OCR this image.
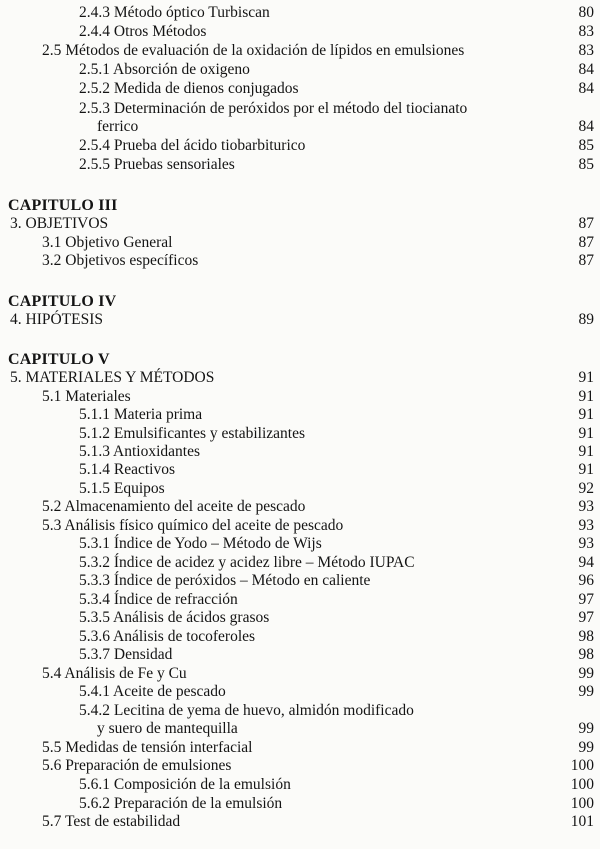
2.4.3 Método óptico Turbiscan	80
2.4.4 Otros Métodos	83
2.5 Métodos de evaluación de la oxidación de lípidos en emulsiones	83
2.5.1 Absorción de oxigeno	84
2.5.2 Medida de dienos conjugados	84
2.5.3 Determinación de peróxidos por el método del tiocianato
ferrico	84
2.5.4 Prueba del ácido tiobarbiturico	85
2.5.5 Pruebas sensoriales	85
CAPITULO III
3. OBJETIVOS	87
3.1 Objetivo General	87
3.2 Objetivos específicos	87
CAPITULO IV
4. HIPÓTESIS	89
CAPITULO V
5. MATERIALES Y MÉTODOS	91
5.1 Materiales	91
5.1.1 Materia prima	91
5.1.2 Emulsificantes y estabilizantes	91
5.1.3 Antioxidantes	91
5.1.4 Reactivos	91
5.1.5 Equipos	92
5.2 Almacenamiento del aceite de pescado	93
5.3 Análisis físico químico del aceite de pescado	93
5.3.1 Índice de Yodo – Método de Wijs	93
5.3.2 Índice de acidez y acidez libre – Método IUPAC	94
5.3.3 Índice de peróxidos – Método en caliente	96
5.3.4 Índice de refracción	97
5.3.5 Análisis de ácidos grasos	97
5.3.6 Análisis de tocoferoles	98
5.3.7 Densidad	98
5.4 Análisis de Fe y Cu	99
5.4.1 Aceite de pescado	99
5.4.2 Lecitina de yema de huevo, almidón modificado
y suero de mantequilla	99
5.5 Medidas de tensión interfacial	99
5.6 Preparación de emulsiones	100
5.6.1 Composición de la emulsión	100
5.6.2 Preparación de la emulsión	100
5.7 Test de estabilidad	101
